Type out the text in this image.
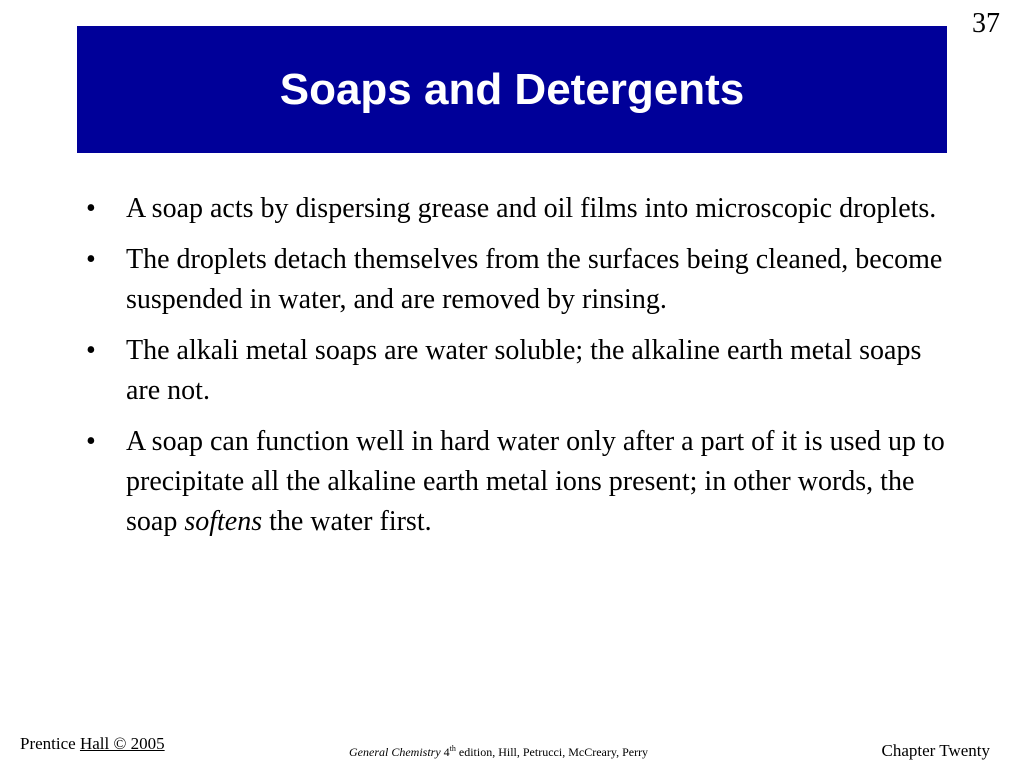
37
Soaps and Detergents
• A soap acts by dispersing grease and oil films into microscopic droplets.
• The droplets detach themselves from the surfaces being cleaned, become suspended in water, and are removed by rinsing.
• The alkali metal soaps are water soluble; the alkaline earth metal soaps are not.
• A soap can function well in hard water only after a part of it is used up to precipitate all the alkaline earth metal ions present; in other words, the soap softens the water first.
Prentice Hall © 2005	General Chemistry 4th edition, Hill, Petrucci, McCreary, Perry	Chapter Twenty
